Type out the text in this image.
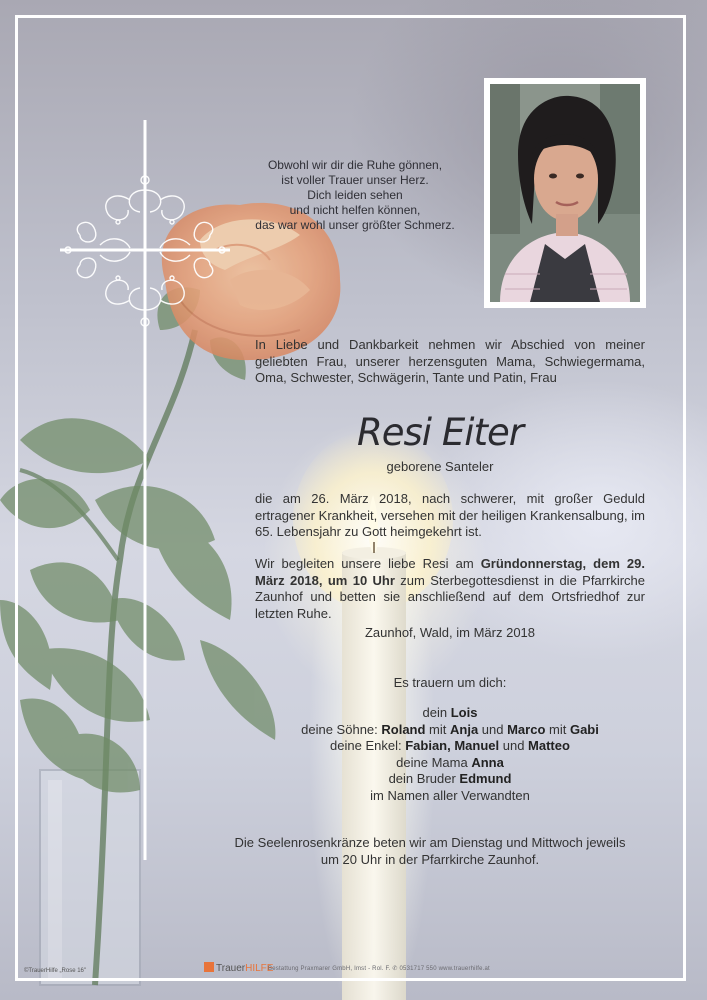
Obwohl wir dir die Ruhe gönnen,
ist voller Trauer unser Herz.
Dich leiden sehen
und nicht helfen können,
das war wohl unser größter Schmerz.
In Liebe und Dankbarkeit nehmen wir Abschied von meiner geliebten Frau, unserer herzensguten Mama, Schwiegermama, Oma, Schwester, Schwägerin, Tante und Patin, Frau
Resi Eiter
geborene Santeler
die am 26. März 2018, nach schwerer, mit großer Geduld ertragener Krankheit, versehen mit der heiligen Krankensalbung, im 65. Lebensjahr zu Gott heimgekehrt ist.
Wir begleiten unsere liebe Resi am Gründonnerstag, dem 29. März 2018, um 10 Uhr zum Sterbegottesdienst in die Pfarrkirche Zaunhof und betten sie anschließend auf dem Ortsfriedhof zur letzten Ruhe.
Zaunhof, Wald, im März 2018
Es trauern um dich:
dein Lois
deine Söhne: Roland mit Anja und Marco mit Gabi
deine Enkel: Fabian, Manuel und Matteo
deine Mama Anna
dein Bruder Edmund
im Namen aller Verwandten
Die Seelenrosenkränze beten wir am Dienstag und Mittwoch jeweils
um 20 Uhr in der Pfarrkirche Zaunhof.
©TrauerHilfe „Rose 16"	TrauerHILFE
Bestattung Praxmarer GmbH, Imst - Rol. F. ✆ 0531717 550 www.trauerhilfe.at
